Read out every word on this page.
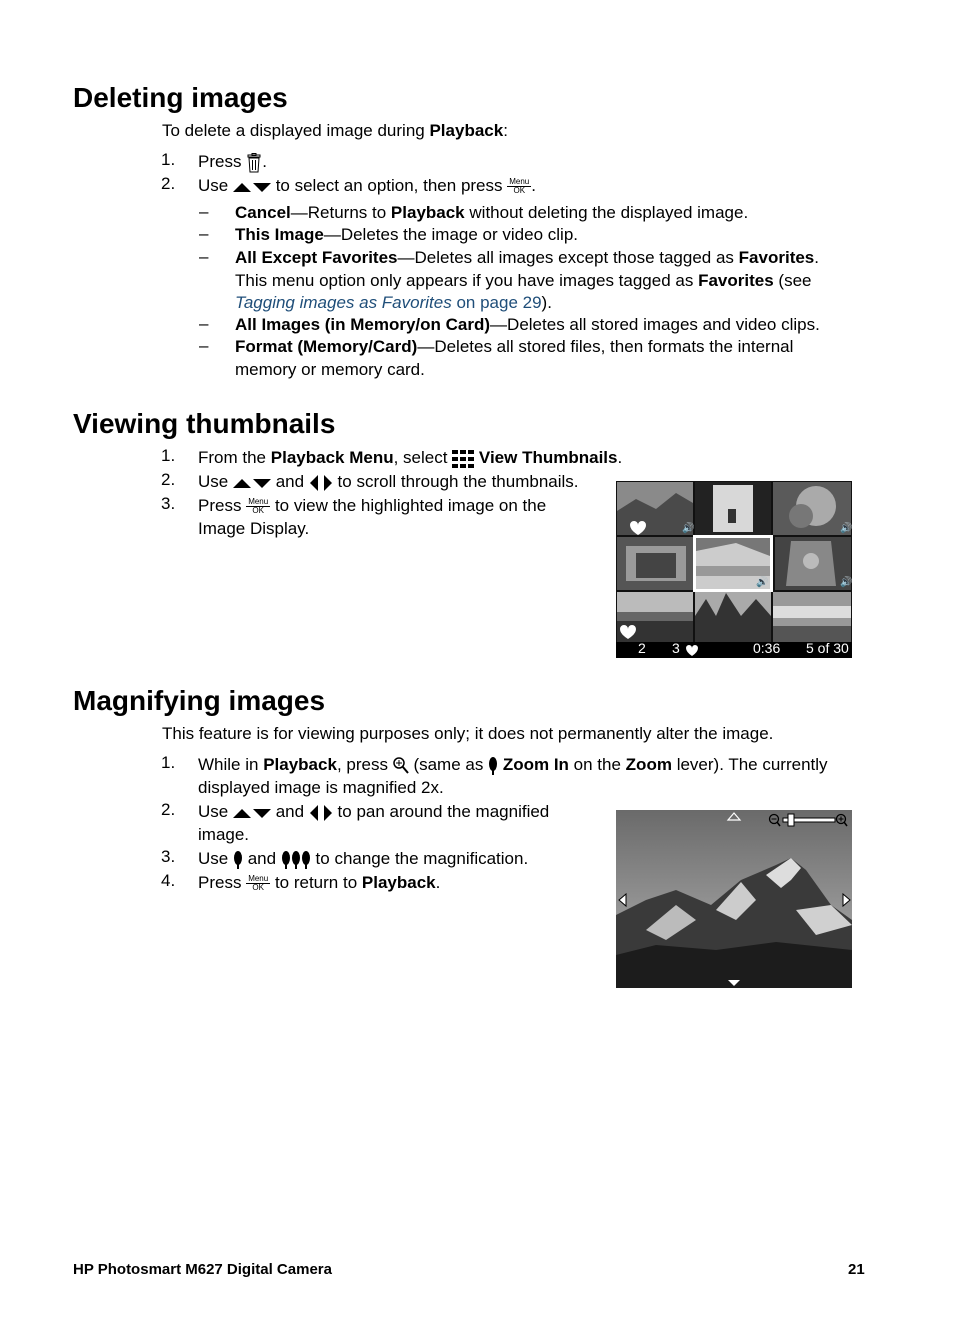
Deleting images

To delete a displayed image during Playback:

1. Press .
2. Use	to select an option, then press Menu
OK .
– Cancel—Returns to Playback without deleting the displayed image.
– This Image—Deletes the image or video clip.
– All Except Favorites—Deletes all images except those tagged as Favorites.
This menu option only appears if you have images tagged as Favorites (see
Tagging images as Favorites on page 29).
– All Images (in Memory/on Card)—Deletes all stored images and video clips.
– Format (Memory/Card)—Deletes all stored files, then formats the internal
memory or memory card.
Viewing thumbnails
1. From the Playback Menu, select View Thumbnails.
2. Use	and to scroll through the thumbnails.
3. Press Menu
OK to view the highlighted image on the
Image Display.	🔊	🔊
🔊
🔊
2 3	0:36 5 of 30
Magnifying images

This feature is for viewing purposes only; it does not permanently alter the image.

1. While in Playback, press (same as Zoom In on the Zoom lever). The currently
displayed image is magnified 2x.
2. Use	and to pan around the magnified
image.
3. Use and to change the magnification.
4. Press Menu
OK to return to Playback.
HP Photosmart M627 Digital Camera	21
